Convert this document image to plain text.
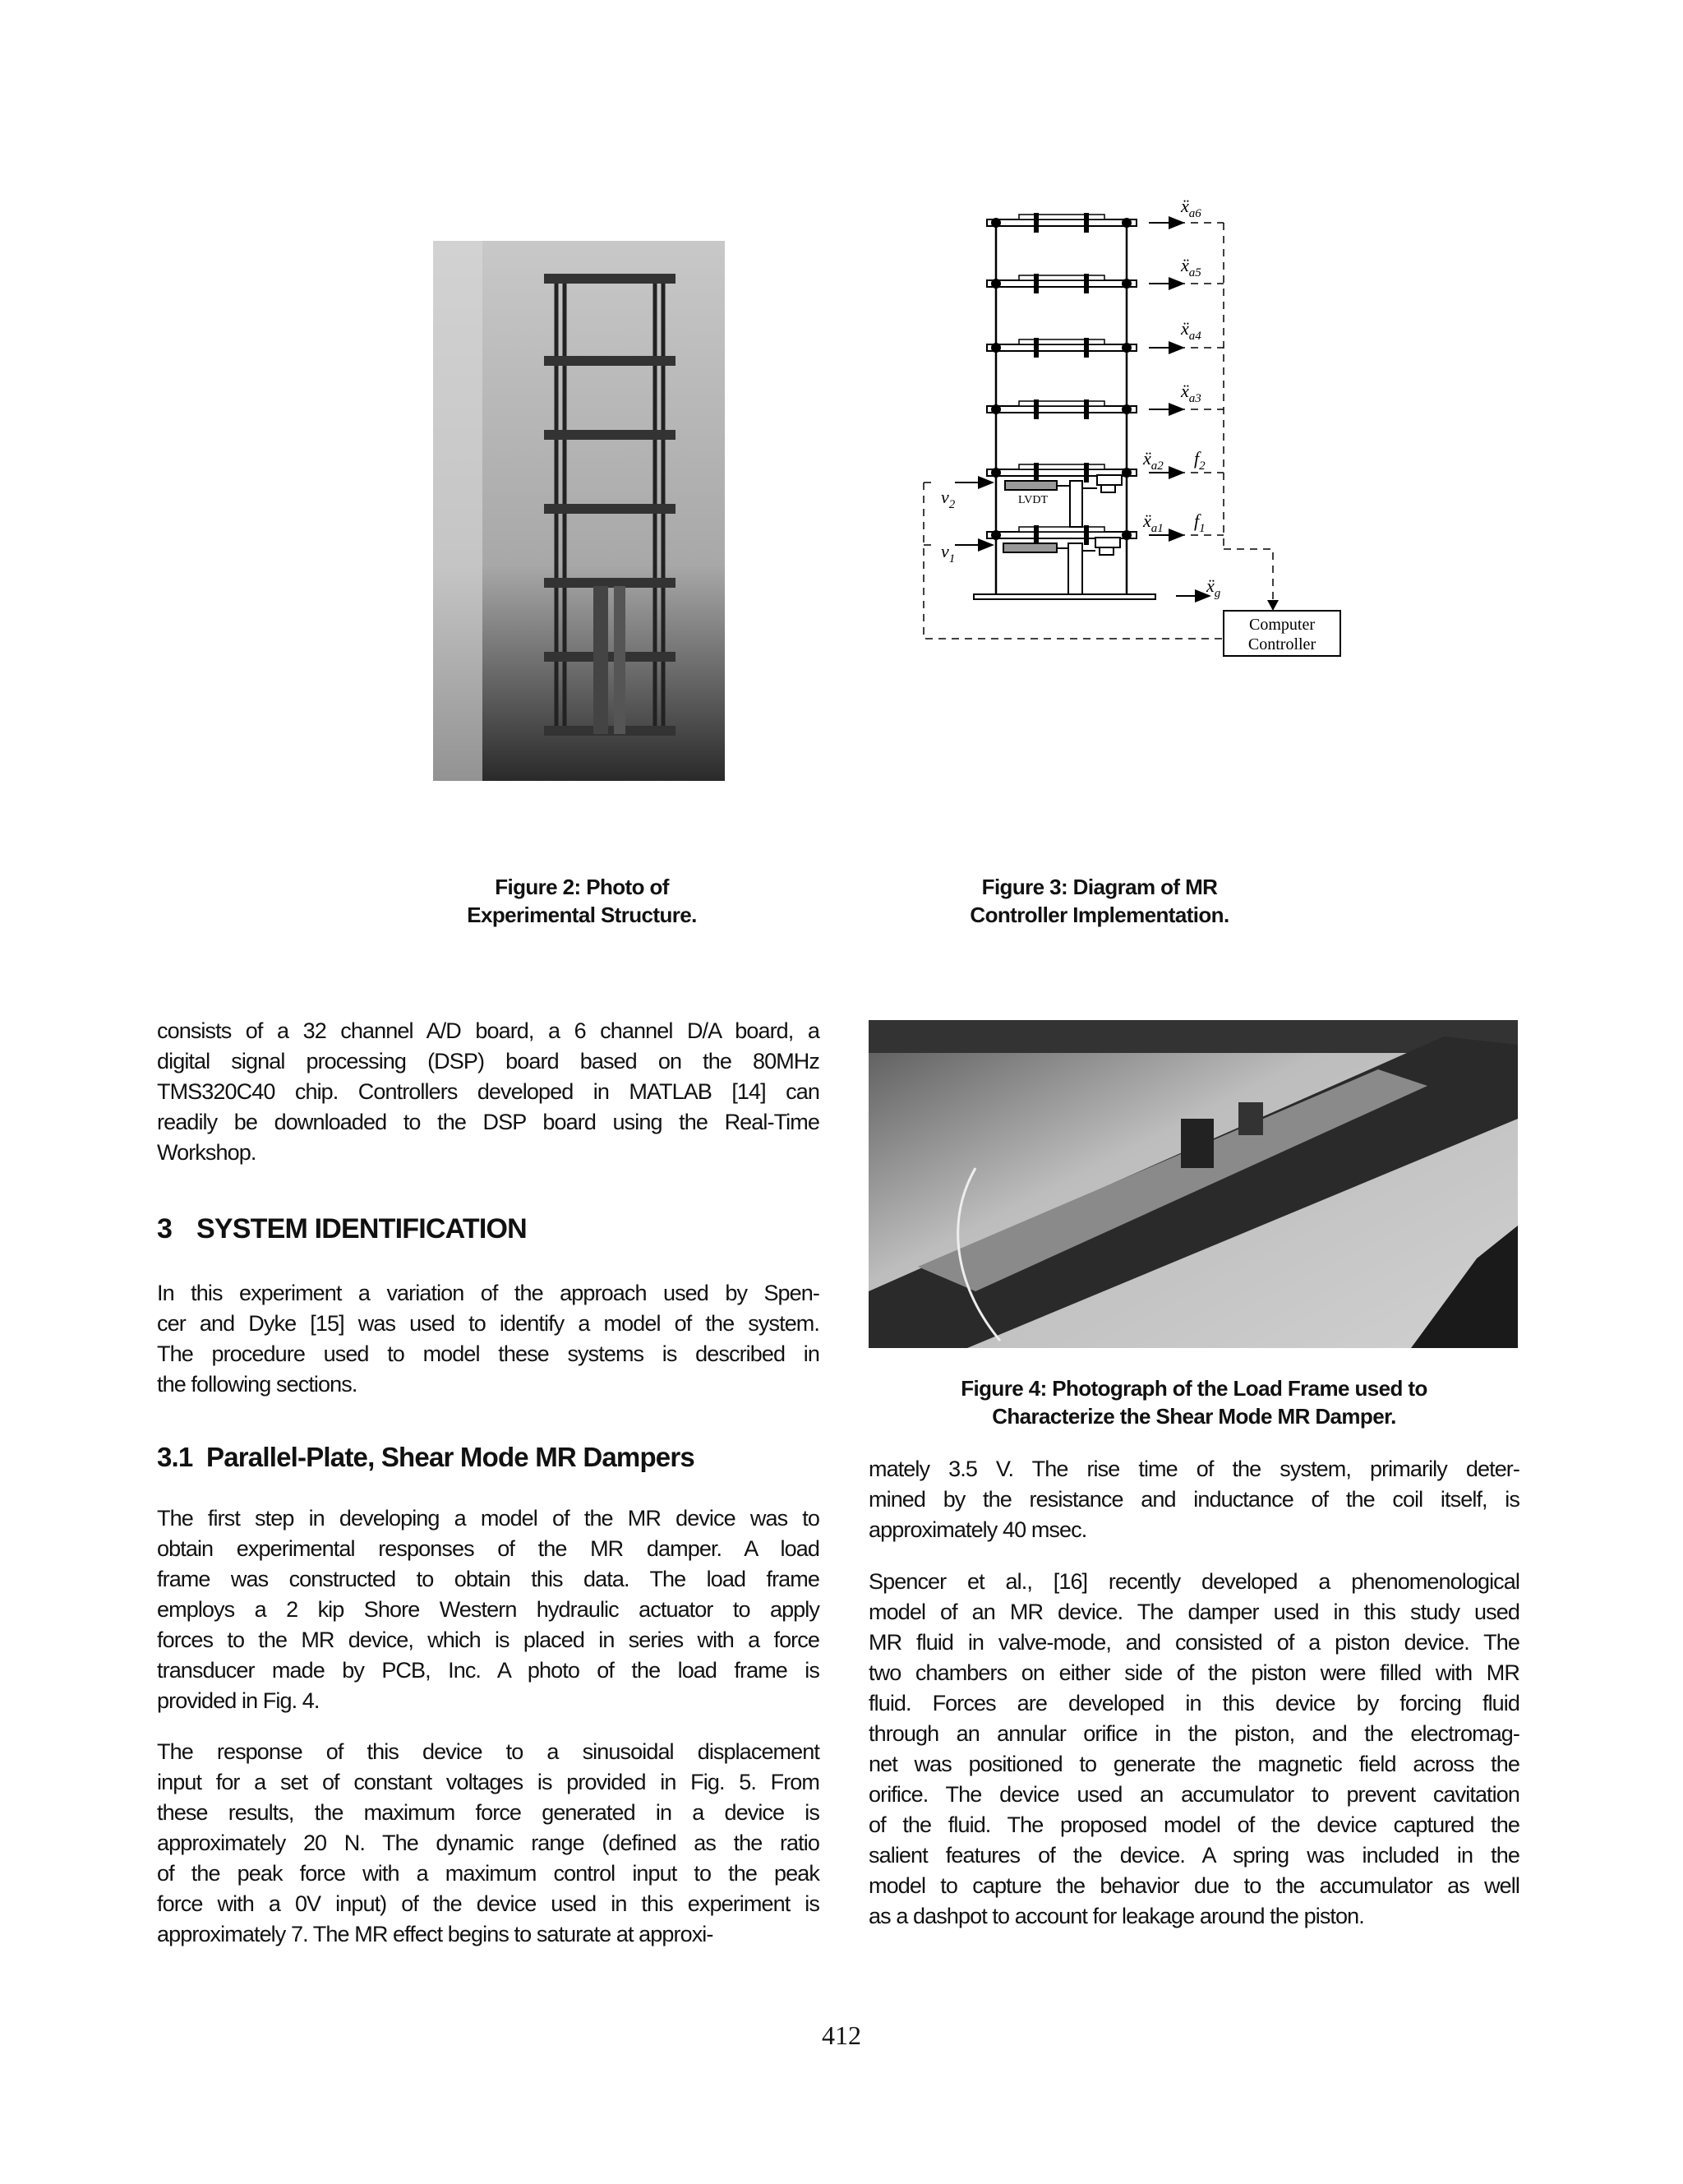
Computer
Controller
LVDT
ẍ$_{a6}$
ẍ$_{a5}$
ẍ$_{a4}$
ẍ$_{a3}$
ẍ$_{a2}$
ẍ$_{a1}$
$f_2$
$f_1$
$v_2$
$v_1$
ẍ$_g$
Figure 2: Photo of
Experimental Structure.
Figure 3: Diagram of MR
Controller Implementation.
Figure 4: Photograph of the Load Frame used to
Characterize the Shear Mode MR Damper.
consists of a 32 channel A/D board, a 6 channel D/A board, a
digital signal processing (DSP) board based on the 80MHz
TMS320C40 chip. Controllers developed in MATLAB [14] can
readily be downloaded to the DSP board using the Real-Time
Workshop.
3 SYSTEM IDENTIFICATION
In this experiment a variation of the approach used by Spen-
cer and Dyke [15] was used to identify a model of the system.
The procedure used to model these systems is described in
the following sections.
3.1 Parallel-Plate, Shear Mode MR Dampers
The first step in developing a model of the MR device was to
obtain experimental responses of the MR damper. A load
frame was constructed to obtain this data. The load frame
employs a 2 kip Shore Western hydraulic actuator to apply
forces to the MR device, which is placed in series with a force
transducer made by PCB, Inc. A photo of the load frame is
provided in Fig. 4.
The response of this device to a sinusoidal displacement
input for a set of constant voltages is provided in Fig. 5. From
these results, the maximum force generated in a device is
approximately 20 N. The dynamic range (defined as the ratio
of the peak force with a maximum control input to the peak
force with a 0V input) of the device used in this experiment is
approximately 7. The MR effect begins to saturate at approxi-
mately 3.5 V. The rise time of the system, primarily deter-
mined by the resistance and inductance of the coil itself, is
approximately 40 msec.
Spencer et al., [16] recently developed a phenomenological
model of an MR device. The damper used in this study used
MR fluid in valve-mode, and consisted of a piston device. The
two chambers on either side of the piston were filled with MR
fluid. Forces are developed in this device by forcing fluid
through an annular orifice in the piston, and the electromag-
net was positioned to generate the magnetic field across the
orifice. The device used an accumulator to prevent cavitation
of the fluid. The proposed model of the device captured the
salient features of the device. A spring was included in the
model to capture the behavior due to the accumulator as well
as a dashpot to account for leakage around the piston.
412
